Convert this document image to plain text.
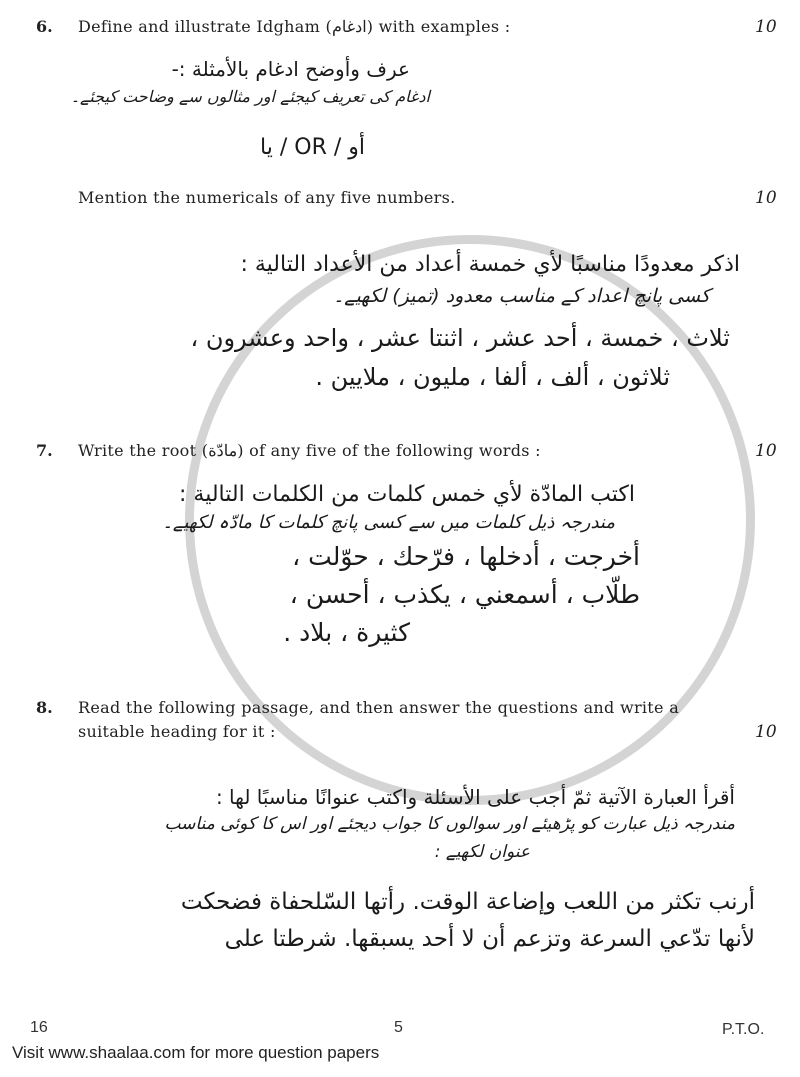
6. Define and illustrate Idgham (ادغام) with examples :	10
عرف وأوضح ادغام بالأمثلة :-
ادغام کی تعریف کیجئے اور مثالوں سے وضاحت کیجئے۔
أو / OR / یا
Mention the numericals of any five numbers.	10
اذکر معدودًا مناسبًا لأي خمسة أعداد من الأعداد التالية :
کسی پانچ اعداد کے مناسب معدود (تمیز) لکھیے۔
ثلاث ، خمسة ، أحد عشر ، اثنتا عشر ، واحد وعشرون ،
ثلاثون ، ألف ، ألفا ، مليون ، ملايين .
7. Write the root (مادّة) of any five of the following words :	10
اكتب المادّة لأي خمس كلمات من الكلمات التالية :
مندرجہ ذیل کلمات میں سے کسی پانچ کلمات کا مادّہ لکھیے۔
أخرجت ، أدخلها ، فرّحك ، حوّلت ،
طلّاب ، أسمعني ، يكذب ، أحسن ،
كثيرة ، بلاد .
8. Read the following passage, and then answer the questions and write a
suitable heading for it :	10
أقرأ العبارة الآتية ثمّ أجب على الأسئلة واكتب عنوانًا مناسبًا لها :
مندرجہ ذیل عبارت کو پڑھیئے اور سوالوں کا جواب دیجئے اور اس کا کوئی مناسب
عنوان لکھیے :
أرنب تكثر من اللعب وإضاعة الوقت. رأتها السّلحفاة فضحكت
لأنها تدّعي السرعة وتزعم أن لا أحد يسبقها. شرطتا على
16	5	P.T.O.
Visit www.shaalaa.com for more question papers
